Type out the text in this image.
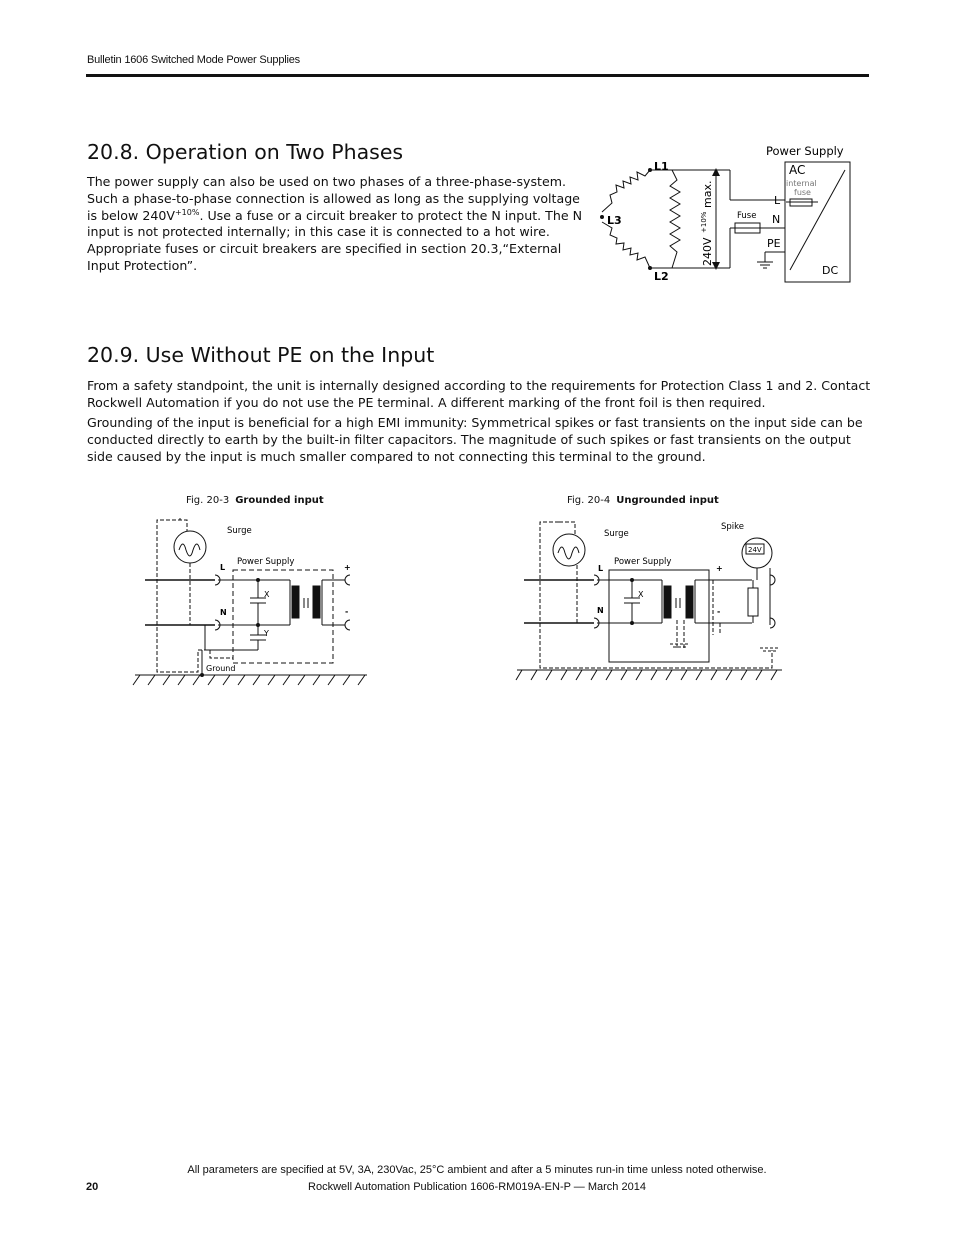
Bulletin 1606 Switched Mode Power Supplies
20.8. Operation on Two Phases

The power supply can also be used on two phases of a three-phase-system. Such a phase-to-phase connection is allowed as long as the supplying voltage is below $240V^{+10\%}$. Use a fuse or a circuit breaker to protect the N input. The N input is not protected internally; in this case it is connected to a hot wire. Appropriate fuses or circuit breakers are specified in section 20.3,“External Input Protection”.

Power Supply
AC
internal
fuse
L
N
PE
DC
Fuse
L1
L2
L3
240V
+10%
max.
20.9. Use Without PE on the Input

From a safety standpoint, the unit is internally designed according to the requirements for Protection Class 1 and 2. Contact Rockwell Automation if you do not use the PE terminal. A different marking of the front foil is then required.

Grounding of the input is beneficial for a high EMI immunity: Symmetrical spikes or fast transients on the input side can be conducted directly to earth by the built-in filter capacitors. The magnitude of such spikes or fast transients on the output side caused by the input is much smaller compared to not connecting this terminal to the ground.

Fig. 20-3 Grounded input
Surge
Power Supply
L
N
X
Y
+
-
Ground
Fig. 20-4 Ungrounded input
Surge
Spike
24V
Power Supply
L
N
X
+
-
All parameters are specified at 5V, 3A, 230Vac, 25°C ambient and after a 5 minutes run-in time unless noted otherwise.
20	Rockwell Automation Publication 1606-RM019A-EN-P — March 2014
